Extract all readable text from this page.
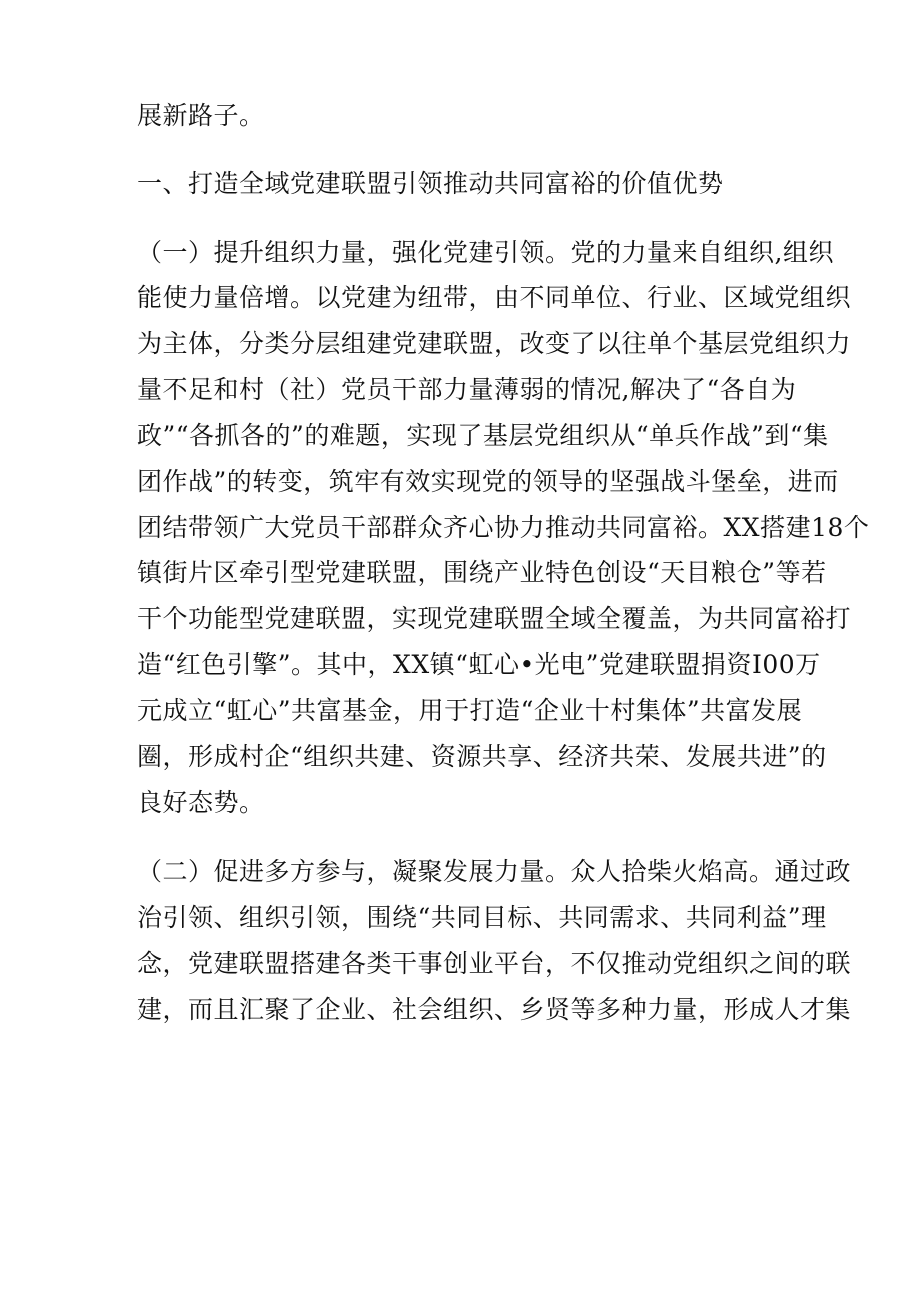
展新路子。

一、打造全域党建联盟引领推动共同富裕的价值优势

（一）提升组织力量，强化党建引领。党的力量来自组织,组织

能使力量倍增。以党建为纽带，由不同单位、行业、区域党组织

为主体，分类分层组建党建联盟，改变了以往单个基层党组织力

量不足和村（社）党员干部力量薄弱的情况,解决了“各自为

政”“各抓各的”的难题，实现了基层党组织从“单兵作战”到“集

团作战”的转变，筑牢有效实现党的领导的坚强战斗堡垒，进而

团结带领广大党员干部群众齐心协力推动共同富裕。XX搭建18个

镇街片区牵引型党建联盟，围绕产业特色创设“天目粮仓”等若

干个功能型党建联盟，实现党建联盟全域全覆盖，为共同富裕打

造“红色引擎”。其中，XX镇“虹心•光电”党建联盟捐资I00万

元成立“虹心”共富基金，用于打造“企业十村集体”共富发展

圈，形成村企“组织共建、资源共享、经济共荣、发展共进”的

良好态势。

（二）促进多方参与，凝聚发展力量。众人拾柴火焰高。通过政

治引领、组织引领，围绕“共同目标、共同需求、共同利益”理

念，党建联盟搭建各类干事创业平台，不仅推动党组织之间的联

建，而且汇聚了企业、社会组织、乡贤等多种力量，形成人才集
